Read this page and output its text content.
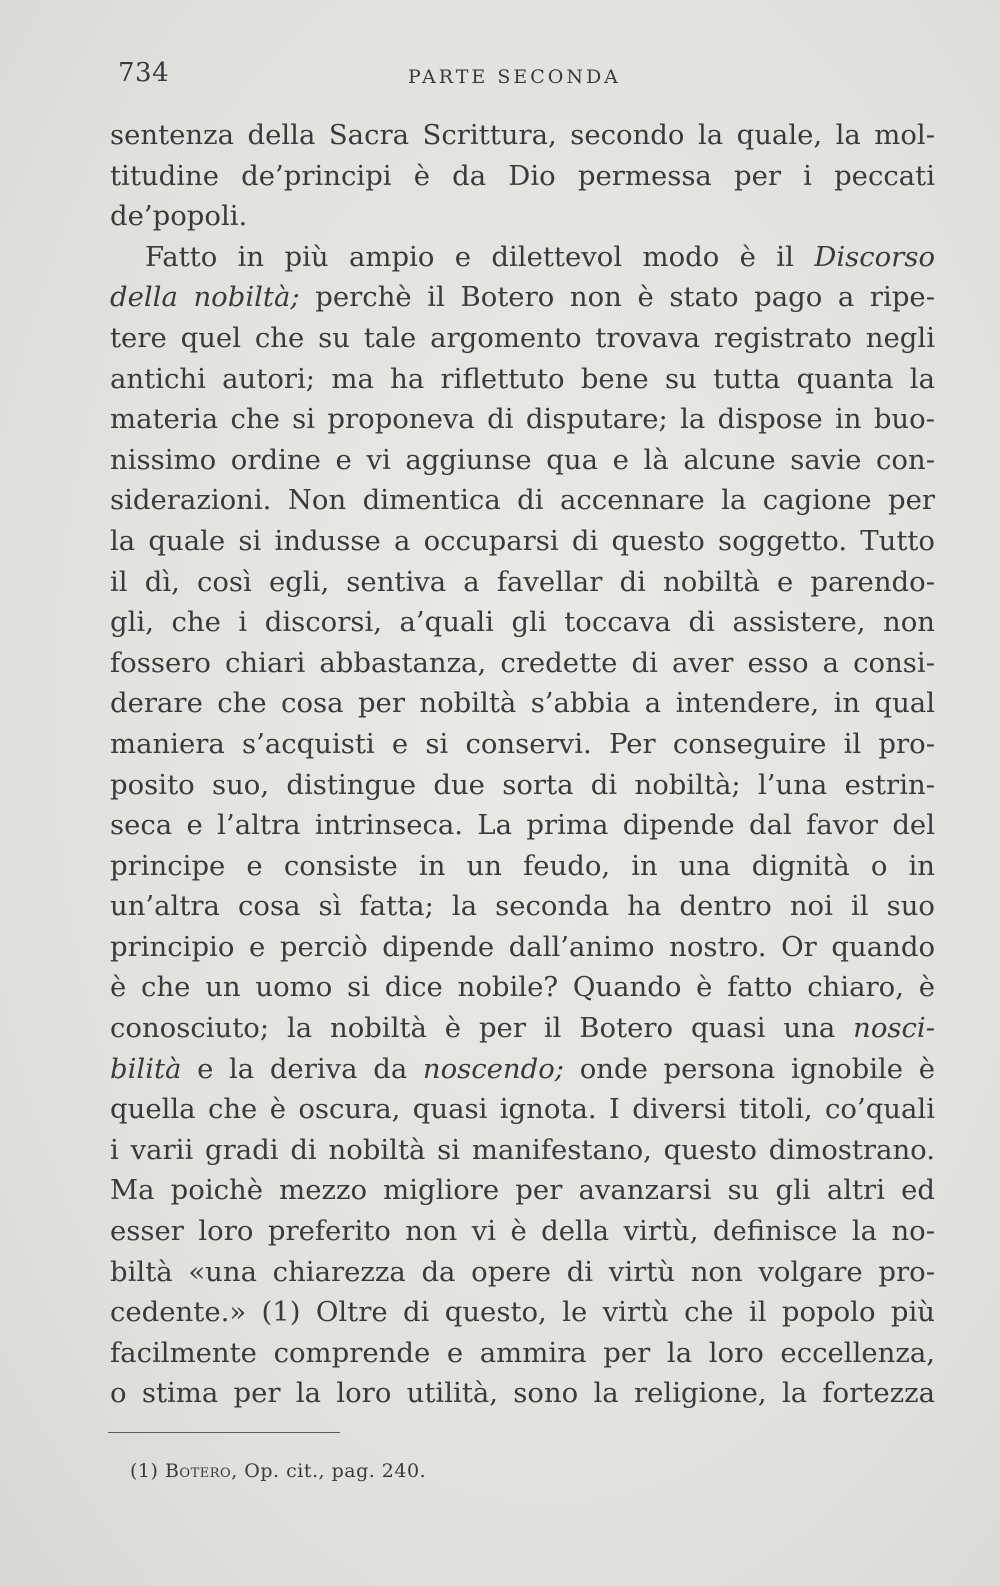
734	PARTE SECONDA
sentenza della Sacra Scrittura, secondo la quale, la mol-
titudine de’principi è da Dio permessa per i peccati
de’popoli.
Fatto in più ampio e dilettevol modo è il Discorso
della nobiltà; perchè il Botero non è stato pago a ripe-
tere quel che su tale argomento trovava registrato negli
antichi autori; ma ha riflettuto bene su tutta quanta la
materia che si proponeva di disputare; la dispose in buo-
nissimo ordine e vi aggiunse qua e là alcune savie con-
siderazioni. Non dimentica di accennare la cagione per
la quale si indusse a occuparsi di questo soggetto. Tutto
il dì, così egli, sentiva a favellar di nobiltà e parendo-
gli, che i discorsi, a’quali gli toccava di assistere, non
fossero chiari abbastanza, credette di aver esso a consi-
derare che cosa per nobiltà s’abbia a intendere, in qual
maniera s’acquisti e si conservi. Per conseguire il pro-
posito suo, distingue due sorta di nobiltà; l’una estrin-
seca e l’altra intrinseca. La prima dipende dal favor del
principe e consiste in un feudo, in una dignità o in
un’altra cosa sì fatta; la seconda ha dentro noi il suo
principio e perciò dipende dall’animo nostro. Or quando
è che un uomo si dice nobile? Quando è fatto chiaro, è
conosciuto; la nobiltà è per il Botero quasi una nosci-
bilità e la deriva da noscendo; onde persona ignobile è
quella che è oscura, quasi ignota. I diversi titoli, co’quali
i varii gradi di nobiltà si manifestano, questo dimostrano.
Ma poichè mezzo migliore per avanzarsi su gli altri ed
esser loro preferito non vi è della virtù, definisce la no-
biltà «una chiarezza da opere di virtù non volgare pro-
cedente.» (1) Oltre di questo, le virtù che il popolo più
facilmente comprende e ammira per la loro eccellenza,
o stima per la loro utilità, sono la religione, la fortezza
(1) Botero, Op. cit., pag. 240.
